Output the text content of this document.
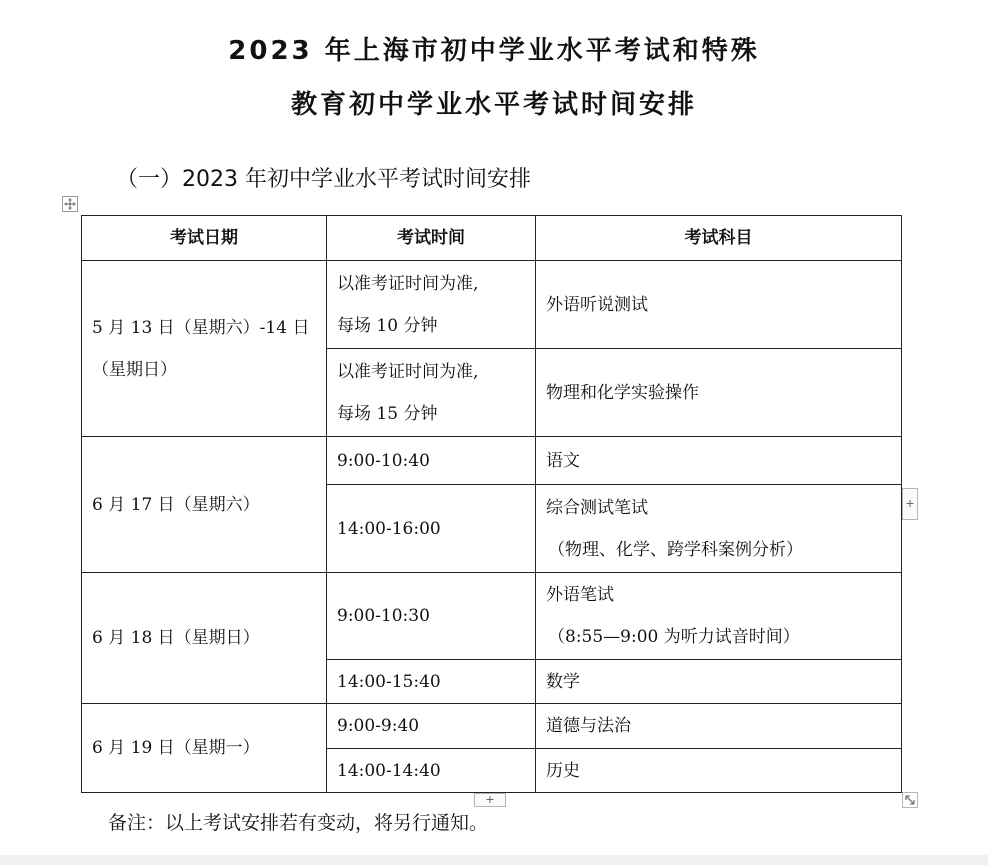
2023 年上海市初中学业水平考试和特殊
教育初中学业水平考试时间安排
（一）2023 年初中学业水平考试时间安排
考试日期	考试时间	考试科目
5 月 13 日（星期六）-14 日（星期日）	以准考证时间为准,
每场 10 分钟	外语听说测试

	以准考证时间为准,
每场 15 分钟	物理和化学实验操作
6 月 17 日（星期六）	9:00-10:40	语文
	14:00-16:00	综合测试笔试
（物理、化学、跨学科案例分析）

6 月 18 日（星期日）	9:00-10:30	外语笔试
（8:55—9:00 为听力试音时间）

	14:00-15:40	数学
6 月 19 日（星期一）	9:00-9:40	道德与法治
	14:00-14:40	历史
+
+
备注：以上考试安排若有变动，将另行通知。
